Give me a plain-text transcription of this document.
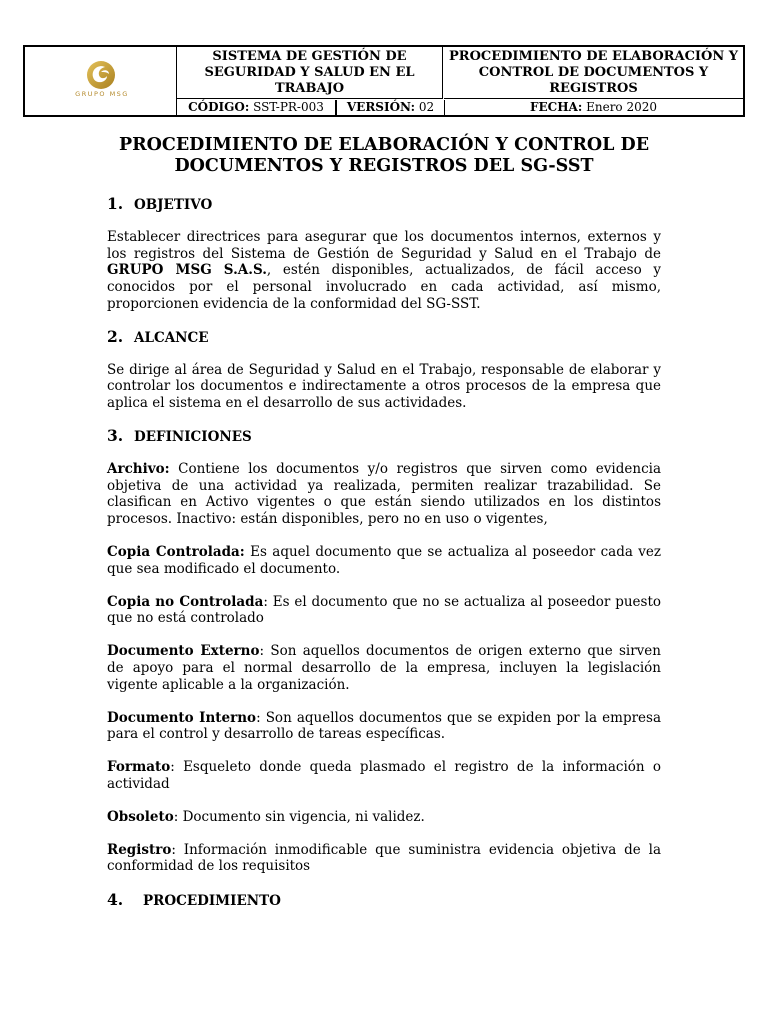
GRUPO MSG
SISTEMA DE GESTIÓN DE SEGURIDAD Y SALUD EN EL TRABAJO
PROCEDIMIENTO DE ELABORACIÓN Y CONTROL DE DOCUMENTOS Y REGISTROS
CÓDIGO: SST-PR-003	VERSIÓN: 02	FECHA: Enero 2020
PROCEDIMIENTO DE ELABORACIÓN Y CONTROL DE DOCUMENTOS Y REGISTROS DEL SG-SST
1. OBJETIVO

Establecer directrices para asegurar que los documentos internos, externos y los registros del Sistema de Gestión de Seguridad y Salud en el Trabajo de GRUPO MSG S.A.S., estén disponibles, actualizados, de fácil acceso y conocidos por el personal involucrado en cada actividad, así mismo, proporcionen evidencia de la conformidad del SG-SST.

2. ALCANCE

Se dirige al área de Seguridad y Salud en el Trabajo, responsable de elaborar y controlar los documentos e indirectamente a otros procesos de la empresa que aplica el sistema en el desarrollo de sus actividades.

3. DEFINICIONES

Archivo: Contiene los documentos y/o registros que sirven como evidencia objetiva de una actividad ya realizada, permiten realizar trazabilidad. Se clasifican en Activo vigentes o que están siendo utilizados en los distintos procesos. Inactivo: están disponibles, pero no en uso o vigentes,

Copia Controlada: Es aquel documento que se actualiza al poseedor cada vez que sea modificado el documento.

Copia no Controlada: Es el documento que no se actualiza al poseedor puesto que no está controlado

Documento Externo: Son aquellos documentos de origen externo que sirven de apoyo para el normal desarrollo de la empresa, incluyen la legislación vigente aplicable a la organización.

Documento Interno: Son aquellos documentos que se expiden por la empresa para el control y desarrollo de tareas específicas.

Formato: Esqueleto donde queda plasmado el registro de la información o actividad

Obsoleto: Documento sin vigencia, ni validez.

Registro: Información inmodificable que suministra evidencia objetiva de la conformidad de los requisitos

4. PROCEDIMIENTO
